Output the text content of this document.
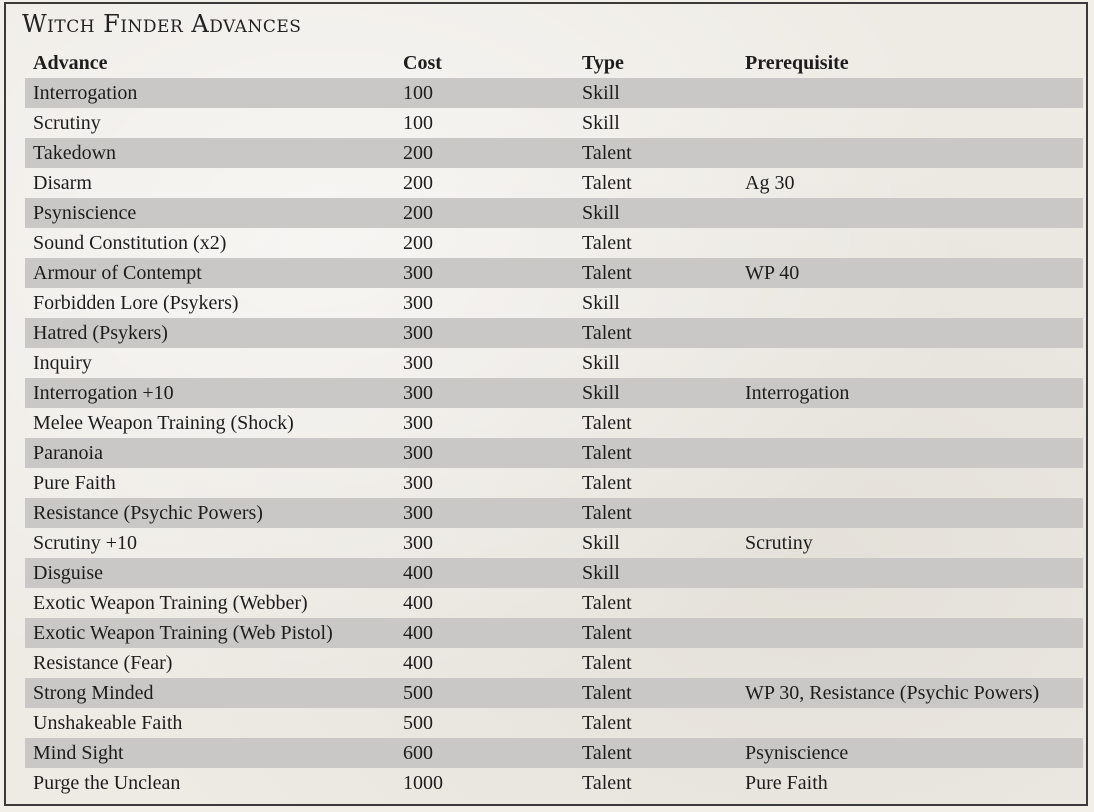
Witch Finder Advances
Advance	Cost	Type	Prerequisite
Interrogation	100	Skill
Scrutiny	100	Skill
Takedown	200	Talent
Disarm	200	Talent	Ag 30
Psyniscience	200	Skill
Sound Constitution (x2)	200	Talent
Armour of Contempt	300	Talent	WP 40
Forbidden Lore (Psykers)	300	Skill
Hatred (Psykers)	300	Talent
Inquiry	300	Skill
Interrogation +10	300	Skill	Interrogation
Melee Weapon Training (Shock)	300	Talent
Paranoia	300	Talent
Pure Faith	300	Talent
Resistance (Psychic Powers)	300	Talent
Scrutiny +10	300	Skill	Scrutiny
Disguise	400	Skill
Exotic Weapon Training (Webber)	400	Talent
Exotic Weapon Training (Web Pistol)	400	Talent
Resistance (Fear)	400	Talent
Strong Minded	500	Talent	WP 30, Resistance (Psychic Powers)
Unshakeable Faith	500	Talent
Mind Sight	600	Talent	Psyniscience
Purge the Unclean	1000	Talent	Pure Faith
